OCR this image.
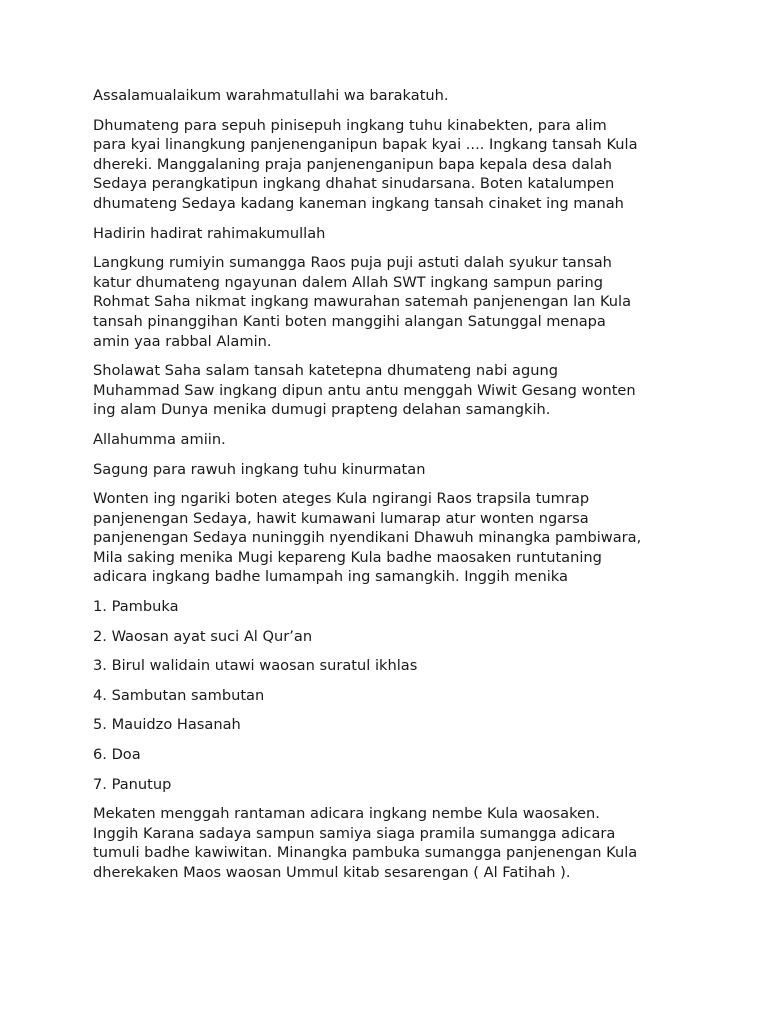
Assalamualaikum warahmatullahi wa barakatuh.

Dhumateng para sepuh pinisepuh ingkang tuhu kinabekten, para alim
para kyai linangkung panjenenganipun bapak kyai .... Ingkang tansah Kula
dhereki. Manggalaning praja panjenenganipun bapa kepala desa dalah
Sedaya perangkatipun ingkang dhahat sinudarsana. Boten katalumpen
dhumateng Sedaya kadang kaneman ingkang tansah cinaket ing manah

Hadirin hadirat rahimakumullah

Langkung rumiyin sumangga Raos puja puji astuti dalah syukur tansah
katur dhumateng ngayunan dalem Allah SWT ingkang sampun paring
Rohmat Saha nikmat ingkang mawurahan satemah panjenengan lan Kula
tansah pinanggihan Kanti boten manggihi alangan Satunggal menapa
amin yaa rabbal Alamin.

Sholawat Saha salam tansah katetepna dhumateng nabi agung
Muhammad Saw ingkang dipun antu antu menggah Wiwit Gesang wonten
ing alam Dunya menika dumugi prapteng delahan samangkih.

Allahumma amiin.

Sagung para rawuh ingkang tuhu kinurmatan

Wonten ing ngariki boten ateges Kula ngirangi Raos trapsila tumrap
panjenengan Sedaya, hawit kumawani lumarap atur wonten ngarsa
panjenengan Sedaya nuninggih nyendikani Dhawuh minangka pambiwara,
Mila saking menika Mugi kepareng Kula badhe maosaken runtutaning
adicara ingkang badhe lumampah ing samangkih. Inggih menika

1. Pambuka

2. Waosan ayat suci Al Qur’an

3. Birul walidain utawi waosan suratul ikhlas

4. Sambutan sambutan

5. Mauidzo Hasanah

6. Doa

7. Panutup

Mekaten menggah rantaman adicara ingkang nembe Kula waosaken.
Inggih Karana sadaya sampun samiya siaga pramila sumangga adicara
tumuli badhe kawiwitan. Minangka pambuka sumangga panjenengan Kula
dherekaken Maos waosan Ummul kitab sesarengan ( Al Fatihah ).
